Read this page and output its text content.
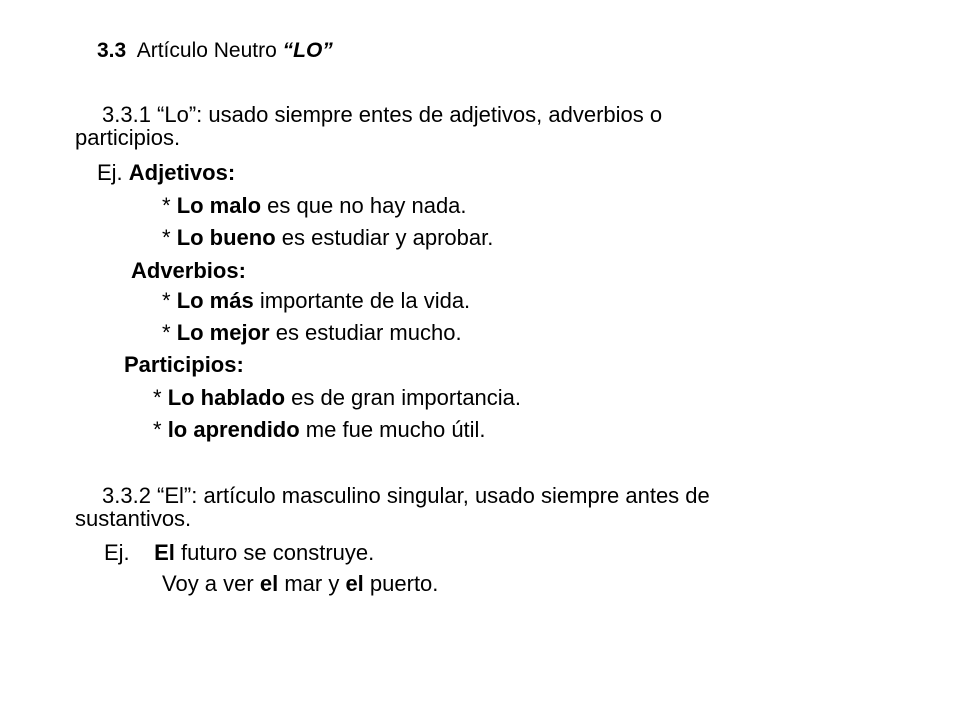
3.3 Artículo Neutro “LO”
3.3.1 “Lo”: usado siempre entes de adjetivos, adverbios o
participios.
Ej. Adjetivos:
* Lo malo es que no hay nada.
* Lo bueno es estudiar y aprobar.
Adverbios:
* Lo más importante de la vida.
* Lo mejor es estudiar mucho.
Participios:
* Lo hablado es de gran importancia.
* lo aprendido me fue mucho útil.
3.3.2 “El”: artículo masculino singular, usado siempre antes de
sustantivos.
Ej.    El futuro se construye.
Voy a ver el mar y el puerto.
